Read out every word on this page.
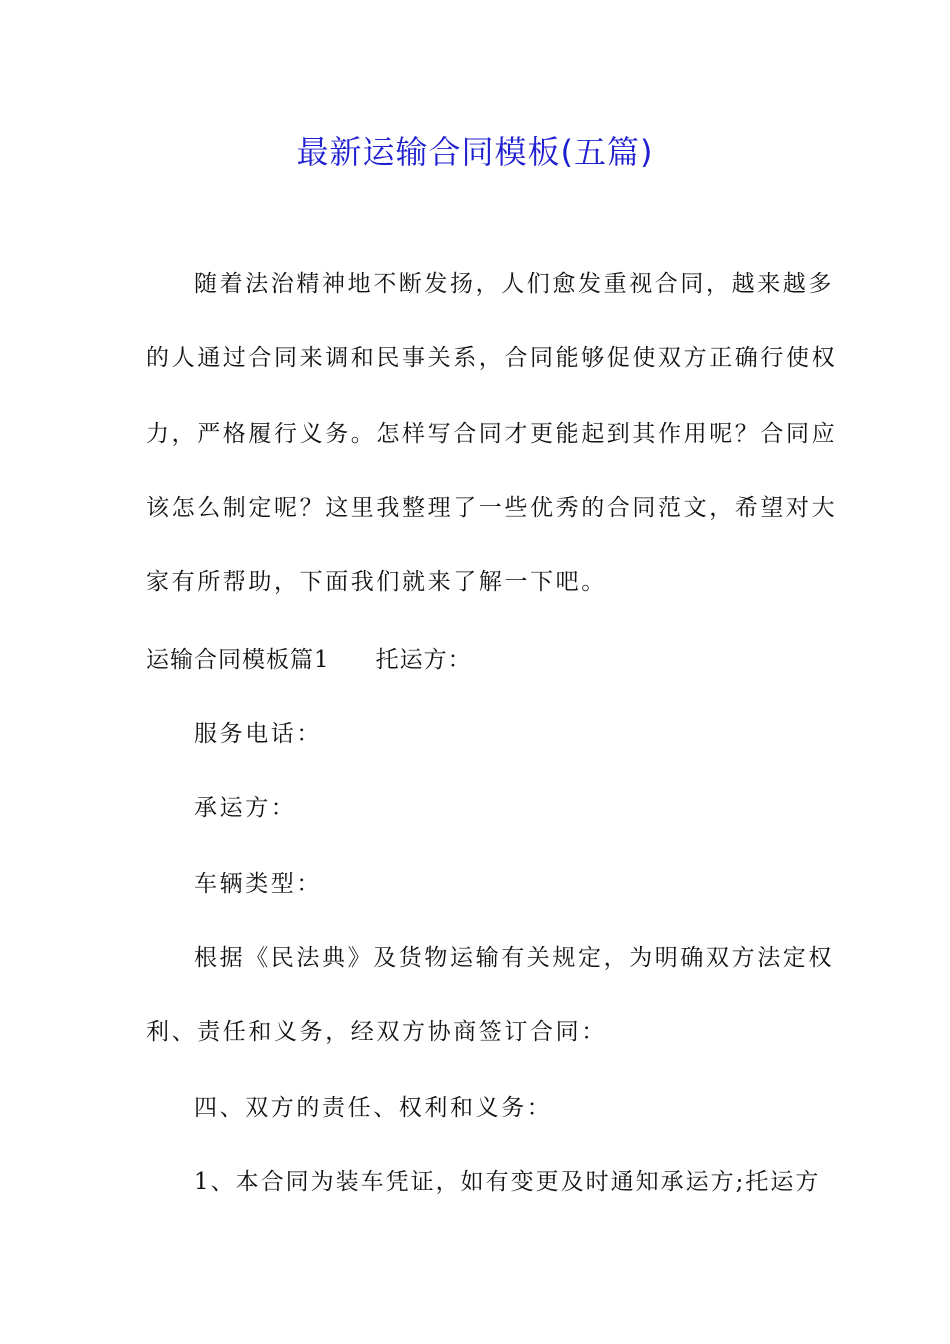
最新运输合同模板(五篇)
随着法治精神地不断发扬，人们愈发重视合同，越来越多
的人通过合同来调和民事关系，合同能够促使双方正确行使权
力，严格履行义务。怎样写合同才更能起到其作用呢？合同应
该怎么制定呢？这里我整理了一些优秀的合同范文，希望对大
家有所帮助，下面我们就来了解一下吧。
运输合同模板篇1 托运方：
服务电话：
承运方：
车辆类型：
根据《民法典》及货物运输有关规定，为明确双方法定权
利、责任和义务，经双方协商签订合同：
四、双方的责任、权利和义务：
1、本合同为装车凭证，如有变更及时通知承运方;托运方
